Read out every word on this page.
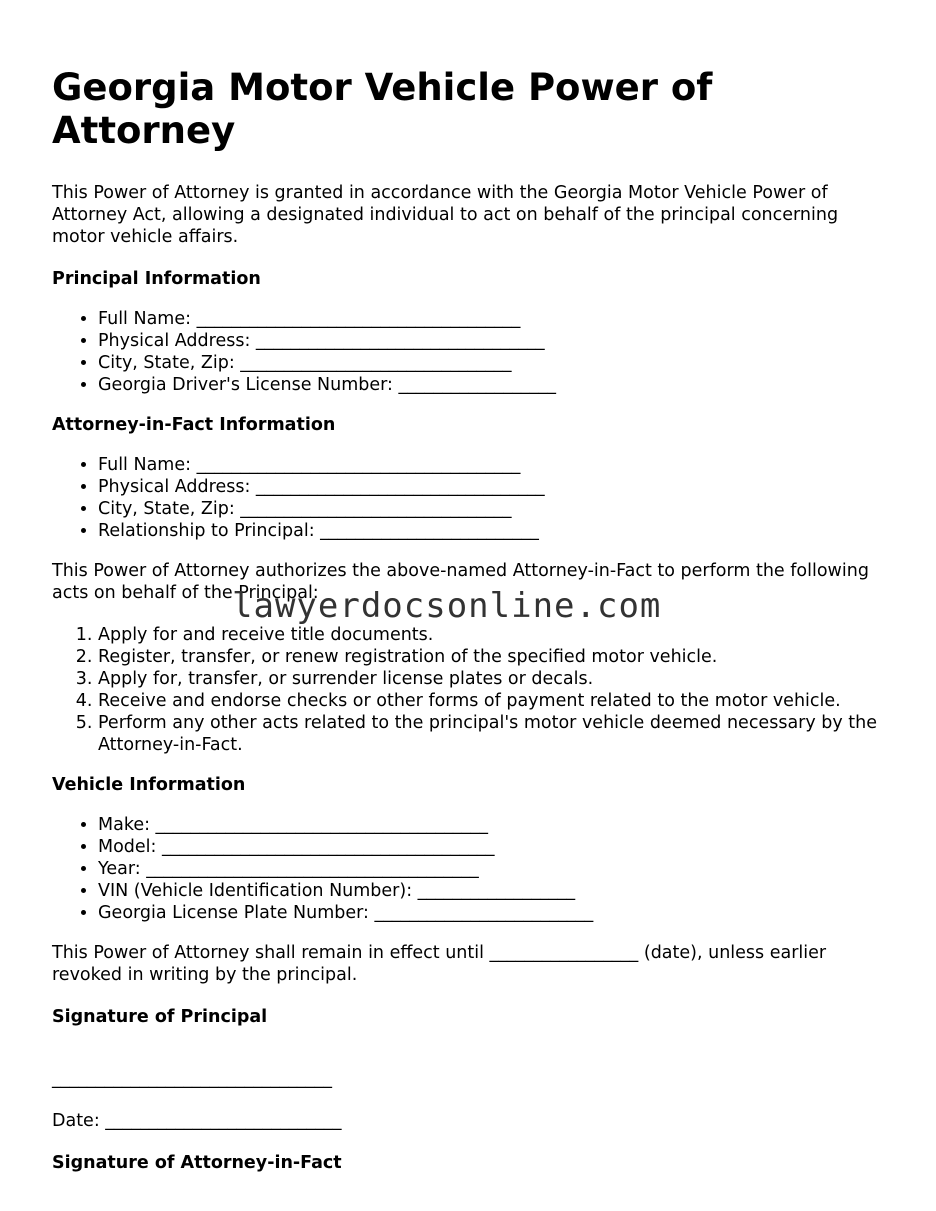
Georgia Motor Vehicle Power of Attorney

This Power of Attorney is granted in accordance with the Georgia Motor Vehicle Power of Attorney Act, allowing a designated individual to act on behalf of the principal concerning motor vehicle affairs.

Principal Information
• Full Name: _____________________________________
• Physical Address: _________________________________
• City, State, Zip: _______________________________
• Georgia Driver's License Number: __________________
Attorney-in-Fact Information
• Full Name: _____________________________________
• Physical Address: _________________________________
• City, State, Zip: _______________________________
• Relationship to Principal: _________________________

This Power of Attorney authorizes the above-named Attorney-in-Fact to perform the following acts on behalf of the Principal:

1. Apply for and receive title documents.
2. Register, transfer, or renew registration of the specified motor vehicle.
3. Apply for, transfer, or surrender license plates or decals.
4. Receive and endorse checks or other forms of payment related to the motor vehicle.
5. Perform any other acts related to the principal's motor vehicle deemed necessary by the Attorney-in-Fact.
Vehicle Information
• Make: ______________________________________
• Model: ______________________________________
• Year: ______________________________________
• VIN (Vehicle Identification Number): __________________
• Georgia License Plate Number: _________________________

This Power of Attorney shall remain in effect until _________________ (date), unless earlier revoked in writing by the principal.

Signature of Principal
________________________________
Date: ___________________________
Signature of Attorney-in-Fact
lawyerdocsonline.com
